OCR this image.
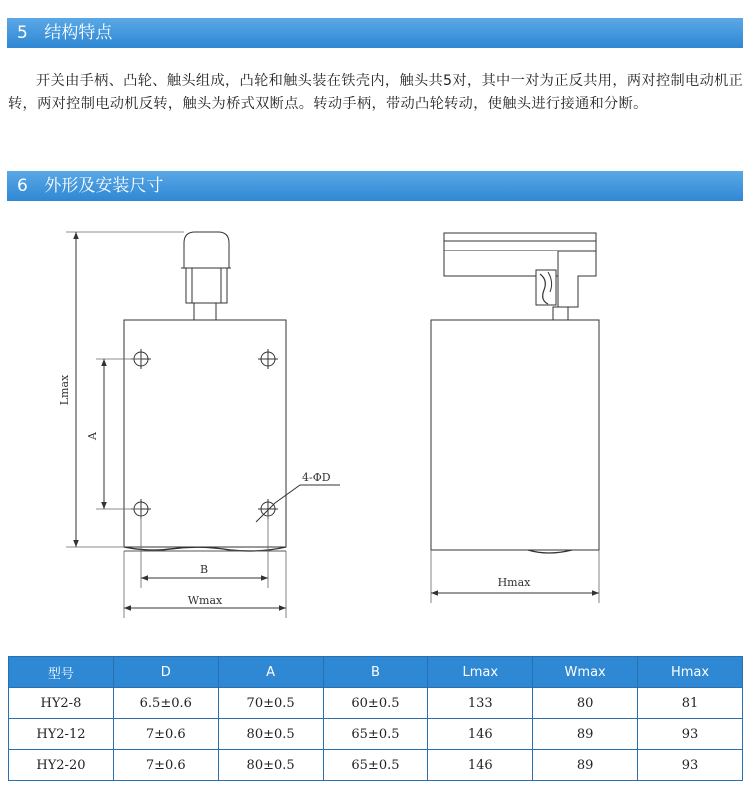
5 结构特点
开关由手柄、凸轮、触头组成，凸轮和触头装在铁壳内，触头共5对，其中一对为正反共用，两对控制电动机正转，两对控制电动机反转，触头为桥式双断点。转动手柄，带动凸轮转动，使触头进行接通和分断。
6 外形及安装尺寸
Lmax
A
4-ΦD
B
Wmax
Hmax
型号	D	A	B	Lmax	Wmax	Hmax
HY2-8	6.5±0.6	70±0.5	60±0.5	133	80	81
HY2-12	7±0.6	80±0.5	65±0.5	146	89	93
HY2-20	7±0.6	80±0.5	65±0.5	146	89	93
